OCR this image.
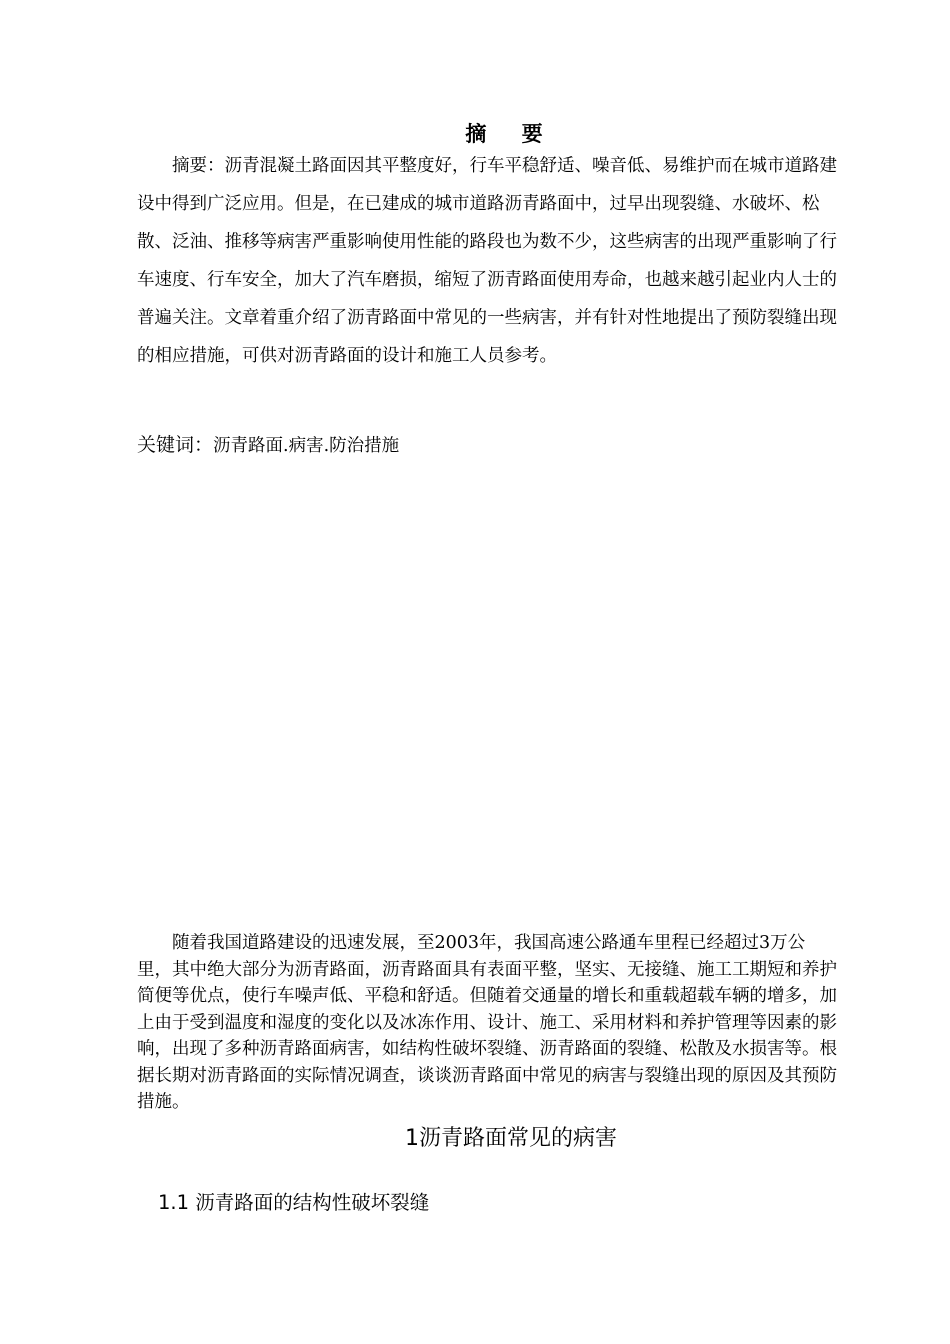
摘 要
摘要：沥青混凝土路面因其平整度好，行车平稳舒适、噪音低、易维护而在城市道路建设中得到广泛应用。但是，在已建成的城市道路沥青路面中，过早出现裂缝、水破坏、松散、泛油、推移等病害严重影响使用性能的路段也为数不少，这些病害的出现严重影响了行车速度、行车安全，加大了汽车磨损，缩短了沥青路面使用寿命，也越来越引起业内人士的普遍关注。文章着重介绍了沥青路面中常见的一些病害，并有针对性地提出了预防裂缝出现的相应措施，可供对沥青路面的设计和施工人员参考。
关键词：沥青路面.病害.防治措施
随着我国道路建设的迅速发展，至2003年，我国高速公路通车里程已经超过3万公里，其中绝大部分为沥青路面，沥青路面具有表面平整，坚实、无接缝、施工工期短和养护简便等优点，使行车噪声低、平稳和舒适。但随着交通量的增长和重载超载车辆的增多，加上由于受到温度和湿度的变化以及冰冻作用、设计、施工、采用材料和养护管理等因素的影响，出现了多种沥青路面病害，如结构性破坏裂缝、沥青路面的裂缝、松散及水损害等。根据长期对沥青路面的实际情况调查，谈谈沥青路面中常见的病害与裂缝出现的原因及其预防措施。
1沥青路面常见的病害
1.1 沥青路面的结构性破坏裂缝
